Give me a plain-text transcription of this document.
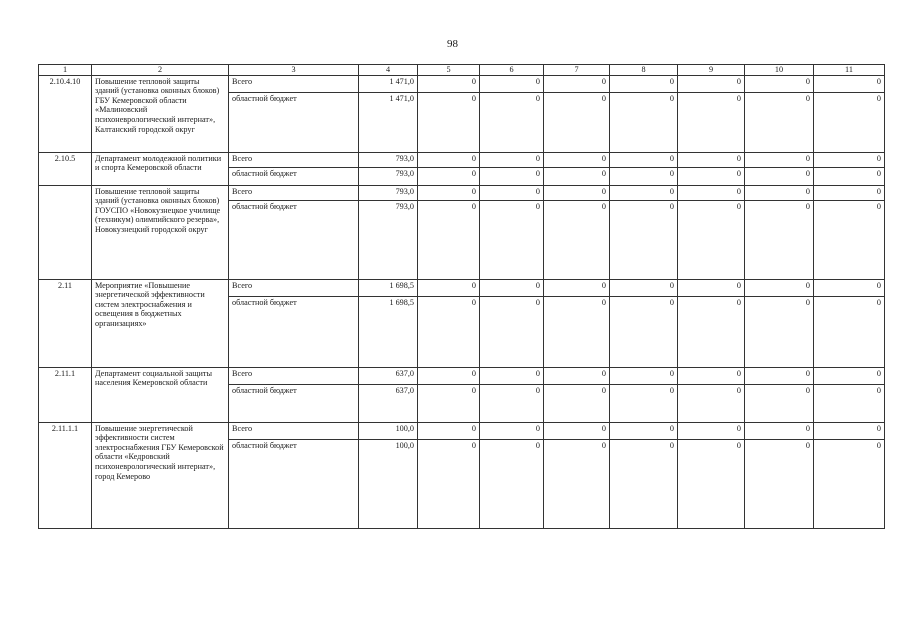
98
1	2	3	4	5	6	7	8	9	10	11
2.10.4.10	Повышение тепловой защиты зданий (установка оконных блоков) ГБУ Кемеровской области «Малиновский психоневрологический интернат», Калтанский городской округ	Всего	1 471,0	0	0	0	0	0	0	0
		областной бюджет	1 471,0	0	0	0	0	0	0	0
2.10.5	Департамент молодежной политики и спорта Кемеровской области	Всего	793,0	0	0	0	0	0	0	0
		областной бюджет	793,0	0	0	0	0	0	0	0
	Повышение тепловой защиты зданий (установка оконных блоков) ГОУСПО «Новокузнецкое училище (техникум) олимпийского резерва», Новокузнецкий городской округ	Всего	793,0	0	0	0	0	0	0	0
		областной бюджет	793,0	0	0	0	0	0	0	0
2.11	Мероприятие «Повышение энергетической эффективности систем электроснабжения и освещения в бюджетных организациях»	Всего	1 698,5	0	0	0	0	0	0	0
		областной бюджет	1 698,5	0	0	0	0	0	0	0
2.11.1	Департамент социальной защиты населения Кемеровской области	Всего	637,0	0	0	0	0	0	0	0
		областной бюджет	637,0	0	0	0	0	0	0	0
2.11.1.1	Повышение энергетической эффективности систем электроснабжения ГБУ Кемеровской области «Кедровский психоневрологический интернат», город Кемерово	Всего	100,0	0	0	0	0	0	0	0
		областной бюджет	100,0	0	0	0	0	0	0	0
